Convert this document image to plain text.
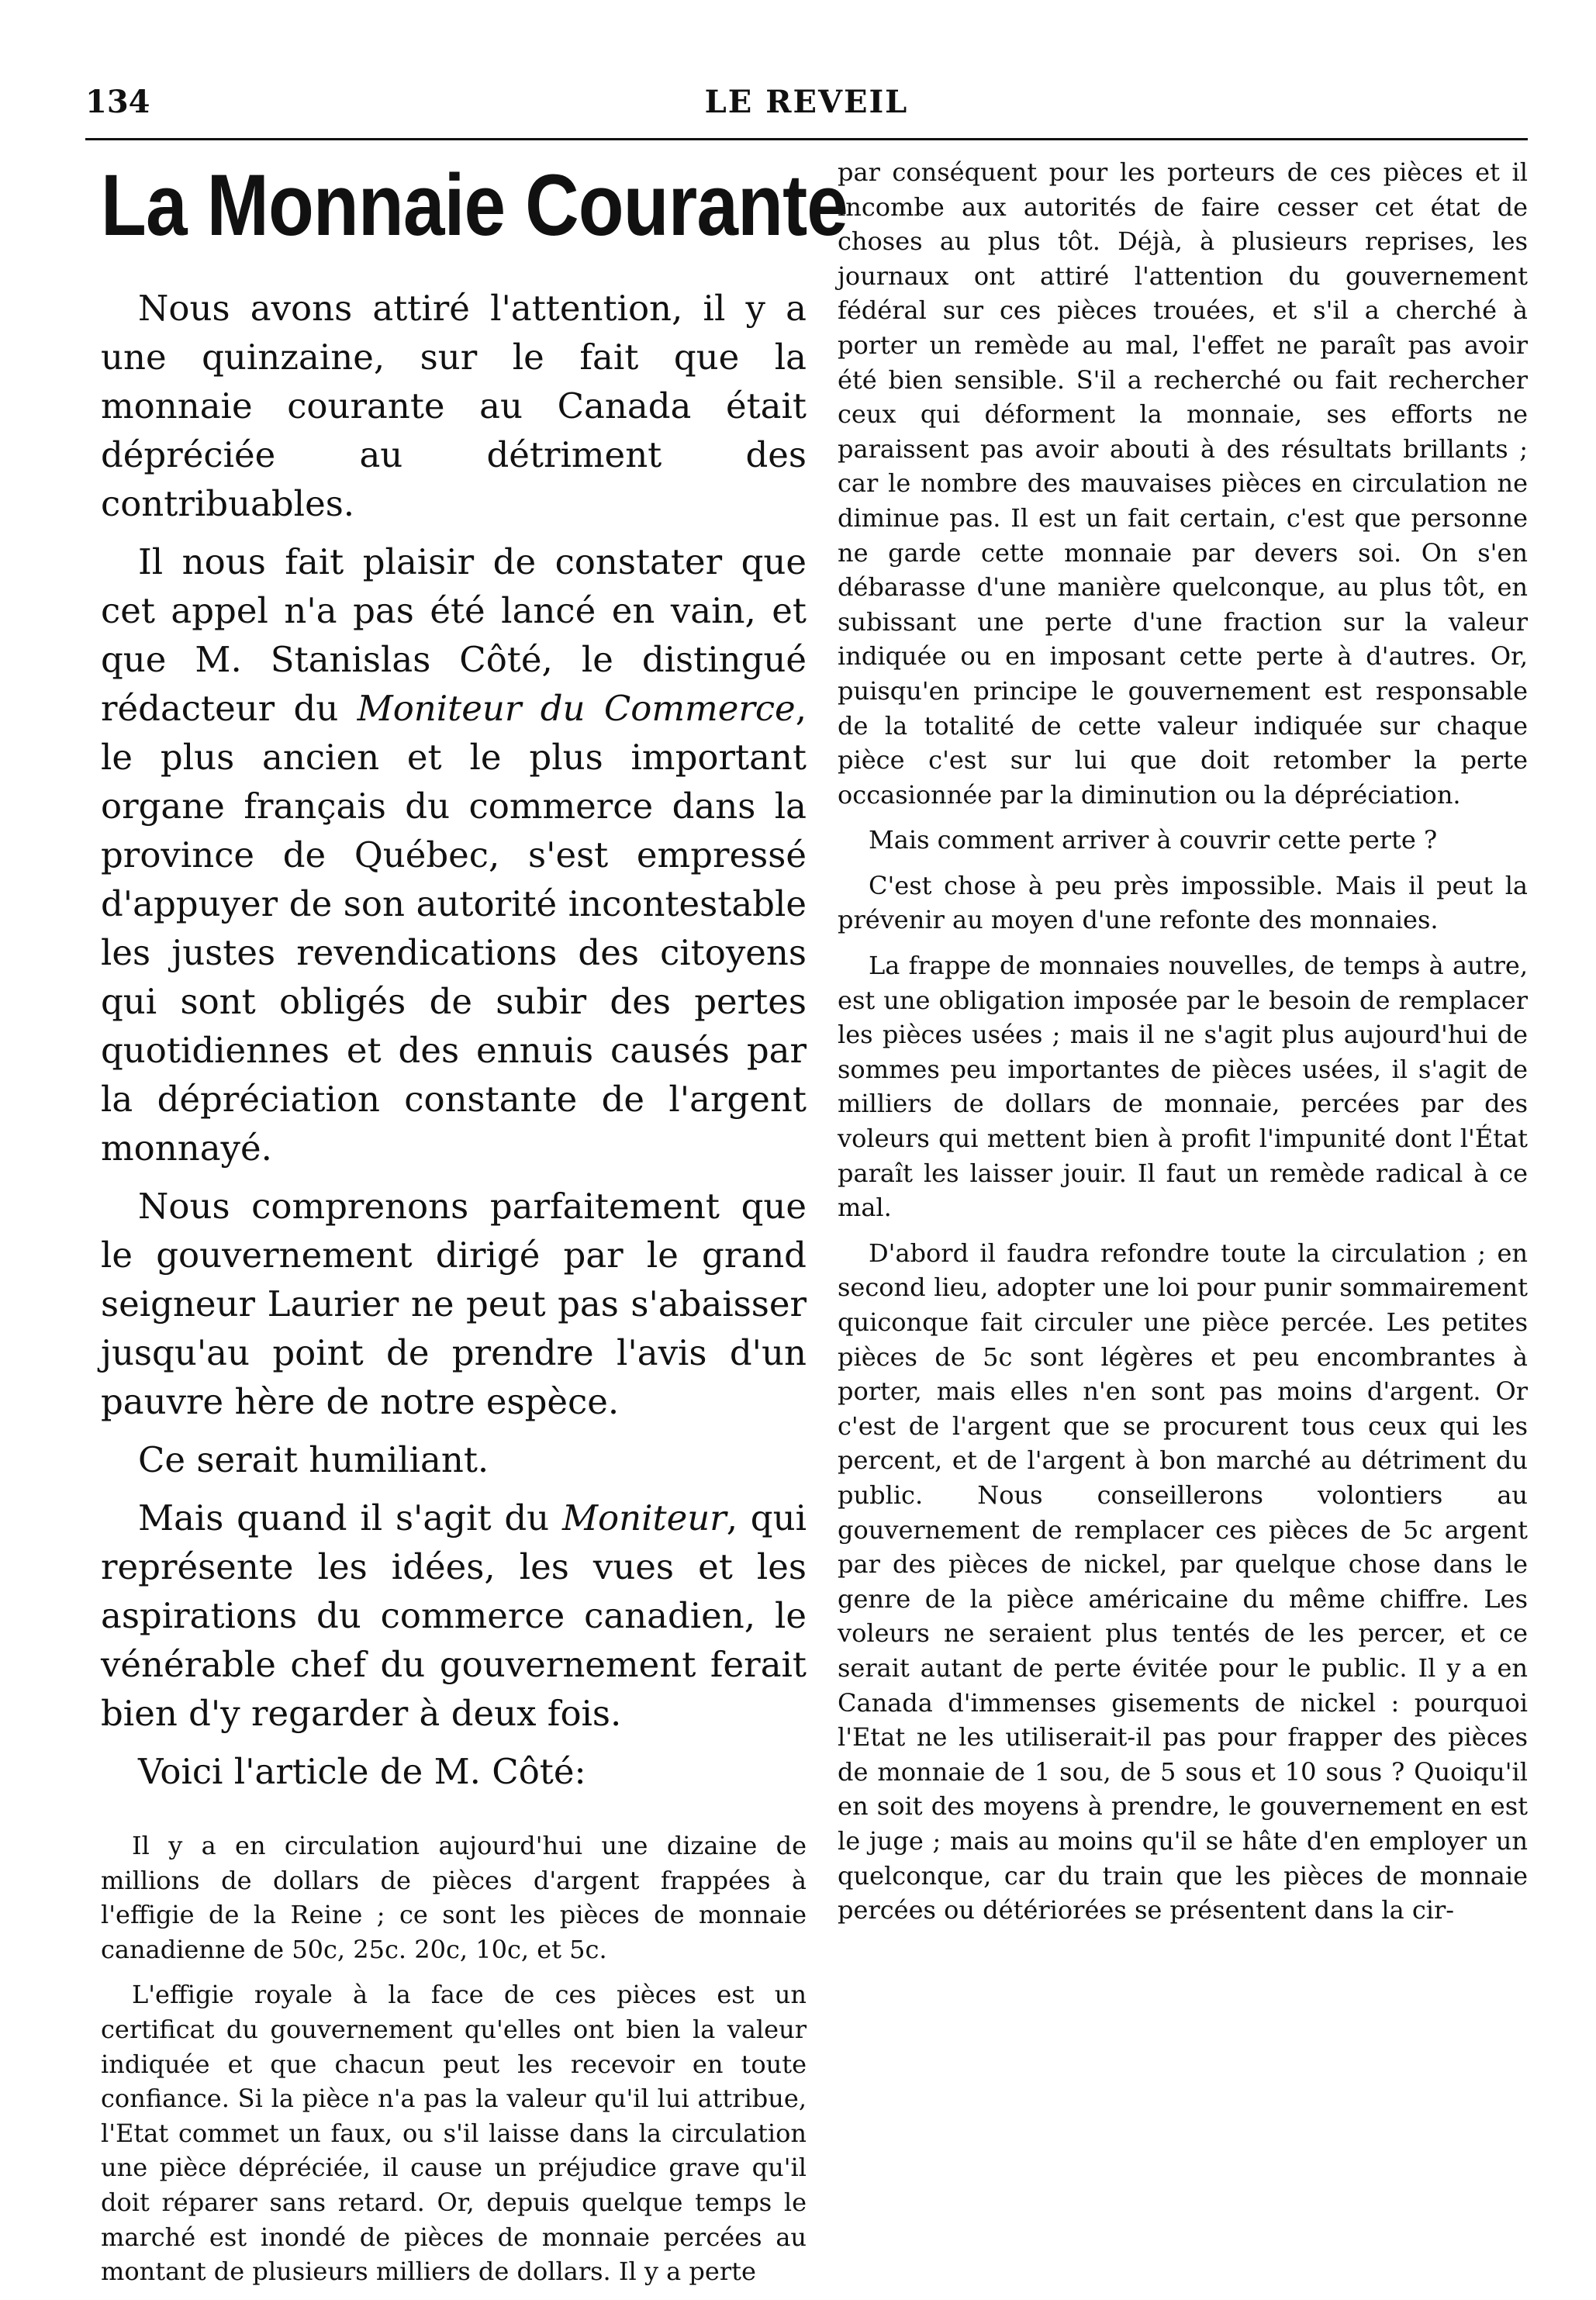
134	LE REVEIL
La Monnaie Courante

Nous avons attiré l'attention, il y a une quinzaine, sur le fait que la monnaie courante au Canada était dépréciée au détriment des contribuables.

Il nous fait plaisir de constater que cet appel n'a pas été lancé en vain, et que M. Stanislas Côté, le distingué rédacteur du Moniteur du Commerce, le plus ancien et le plus important organe français du commerce dans la province de Québec, s'est empressé d'appuyer de son autorité incontestable les justes revendications des citoyens qui sont obligés de subir des pertes quotidiennes et des ennuis causés par la dépréciation constante de l'argent monnayé.

Nous comprenons parfaitement que le gouvernement dirigé par le grand seigneur Laurier ne peut pas s'abaisser jusqu'au point de prendre l'avis d'un pauvre hère de notre espèce.

Ce serait humiliant.

Mais quand il s'agit du Moniteur, qui représente les idées, les vues et les aspirations du commerce canadien, le vénérable chef du gouvernement ferait bien d'y regarder à deux fois.

Voici l'article de M. Côté:

Il y a en circulation aujourd'hui une dizaine de millions de dollars de pièces d'argent frappées à l'effigie de la Reine ; ce sont les pièces de monnaie canadienne de 50c, 25c. 20c, 10c, et 5c.

L'effigie royale à la face de ces pièces est un certificat du gouvernement qu'elles ont bien la valeur indiquée et que chacun peut les recevoir en toute confiance. Si la pièce n'a pas la valeur qu'il lui attribue, l'Etat commet un faux, ou s'il laisse dans la circulation une pièce dépréciée, il cause un préjudice grave qu'il doit réparer sans retard. Or, depuis quelque temps le marché est inondé de pièces de monnaie percées au montant de plusieurs milliers de dollars. Il y a perte

par conséquent pour les porteurs de ces pièces et il incombe aux autorités de faire cesser cet état de choses au plus tôt. Déjà, à plusieurs reprises, les journaux ont attiré l'attention du gouvernement fédéral sur ces pièces trouées, et s'il a cherché à porter un remède au mal, l'effet ne paraît pas avoir été bien sensible. S'il a recherché ou fait rechercher ceux qui déforment la monnaie, ses efforts ne paraissent pas avoir abouti à des résultats brillants ; car le nombre des mauvaises pièces en circulation ne diminue pas. Il est un fait certain, c'est que personne ne garde cette monnaie par devers soi. On s'en débarasse d'une manière quelconque, au plus tôt, en subissant une perte d'une fraction sur la valeur indiquée ou en imposant cette perte à d'autres. Or, puisqu'en principe le gouvernement est responsable de la totalité de cette valeur indiquée sur chaque pièce c'est sur lui que doit retomber la perte occasionnée par la diminution ou la dépréciation.

Mais comment arriver à couvrir cette perte ?

C'est chose à peu près impossible. Mais il peut la prévenir au moyen d'une refonte des monnaies.

La frappe de monnaies nouvelles, de temps à autre, est une obligation imposée par le besoin de remplacer les pièces usées ; mais il ne s'agit plus aujourd'hui de sommes peu importantes de pièces usées, il s'agit de milliers de dollars de monnaie, percées par des voleurs qui mettent bien à profit l'impunité dont l'État paraît les laisser jouir. Il faut un remède radical à ce mal.

D'abord il faudra refondre toute la circulation ; en second lieu, adopter une loi pour punir sommairement quiconque fait circuler une pièce percée. Les petites pièces de 5c sont légères et peu encombrantes à porter, mais elles n'en sont pas moins d'argent. Or c'est de l'argent que se procurent tous ceux qui les percent, et de l'argent à bon marché au détriment du public. Nous conseillerons volontiers au gouvernement de remplacer ces pièces de 5c argent par des pièces de nickel, par quelque chose dans le genre de la pièce américaine du même chiffre. Les voleurs ne seraient plus tentés de les percer, et ce serait autant de perte évitée pour le public. Il y a en Canada d'immenses gisements de nickel : pourquoi l'Etat ne les utiliserait-il pas pour frapper des pièces de monnaie de 1 sou, de 5 sous et 10 sous ? Quoiqu'il en soit des moyens à prendre, le gouvernement en est le juge ; mais au moins qu'il se hâte d'en employer un quelconque, car du train que les pièces de monnaie percées ou détériorées se présentent dans la cir-
